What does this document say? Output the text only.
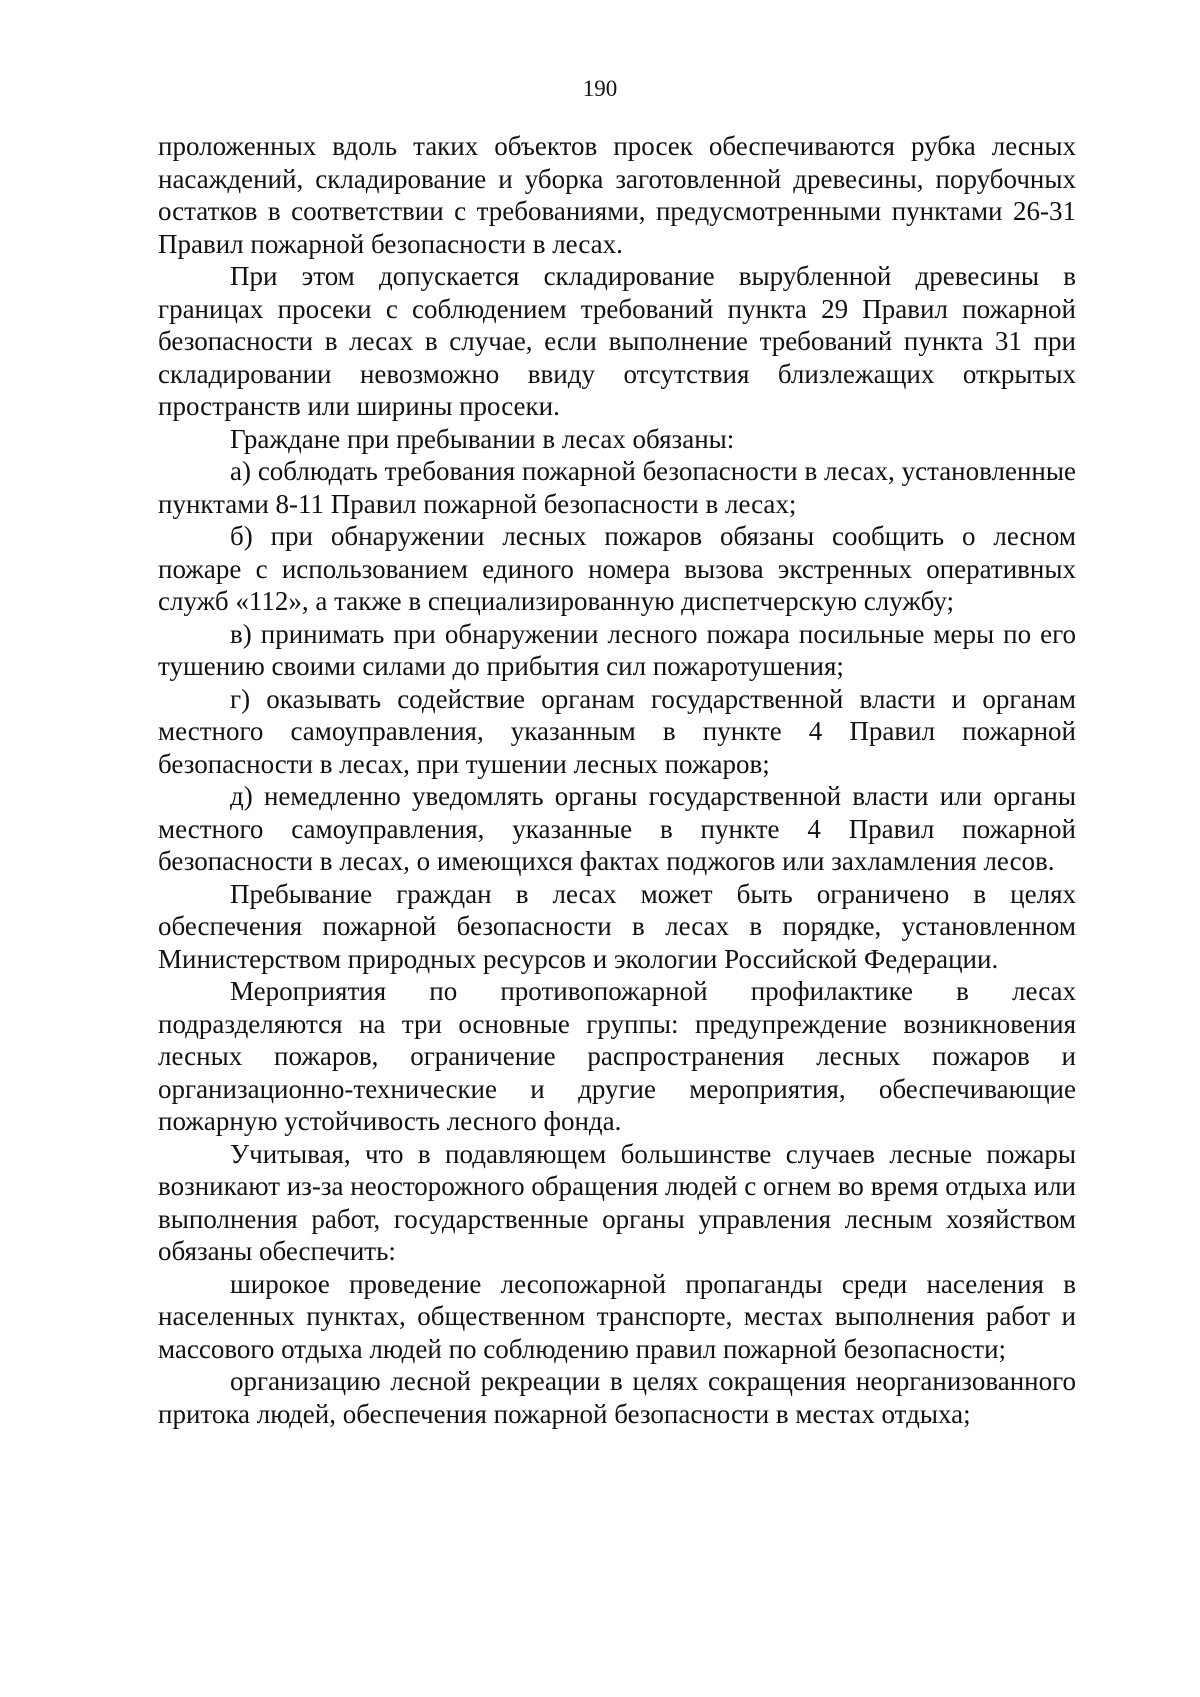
190

проложенных вдоль таких объектов просек обеспечиваются рубка лесных насаждений, складирование и уборка заготовленной древесины, порубочных остатков в соответствии с требованиями, предусмотренными пунктами 26-31 Правил пожарной безопасности в лесах.

При этом допускается складирование вырубленной древесины в границах просеки с соблюдением требований пункта 29 Правил пожарной безопасности в лесах в случае, если выполнение требований пункта 31 при складировании невозможно ввиду отсутствия близлежащих открытых пространств или ширины просеки.

Граждане при пребывании в лесах обязаны:

а) соблюдать требования пожарной безопасности в лесах, установленные пунктами 8-11 Правил пожарной безопасности в лесах;

б) при обнаружении лесных пожаров обязаны сообщить о лесном пожаре с использованием единого номера вызова экстренных оперативных служб «112», а также в специализированную диспетчерскую службу;

в) принимать при обнаружении лесного пожара посильные меры по его тушению своими силами до прибытия сил пожаротушения;

г) оказывать содействие органам государственной власти и органам местного самоуправления, указанным в пункте 4 Правил пожарной безопасности в лесах, при тушении лесных пожаров;

д) немедленно уведомлять органы государственной власти или органы местного самоуправления, указанные в пункте 4 Правил пожарной безопасности в лесах, о имеющихся фактах поджогов или захламления лесов.

Пребывание граждан в лесах может быть ограничено в целях обеспечения пожарной безопасности в лесах в порядке, установленном Министерством природных ресурсов и экологии Российской Федерации.

Мероприятия по противопожарной профилактике в лесах подразделяются на три основные группы: предупреждение возникновения лесных пожаров, ограничение распространения лесных пожаров и организационно-технические и другие мероприятия, обеспечивающие пожарную устойчивость лесного фонда.

Учитывая, что в подавляющем большинстве случаев лесные пожары возникают из-за неосторожного обращения людей с огнем во время отдыха или выполнения работ, государственные органы управления лесным хозяйством обязаны обеспечить:

широкое проведение лесопожарной пропаганды среди населения в населенных пунктах, общественном транспорте, местах выполнения работ и массового отдыха людей по соблюдению правил пожарной безопасности;

организацию лесной рекреации в целях сокращения неорганизованного притока людей, обеспечения пожарной безопасности в местах отдыха;
